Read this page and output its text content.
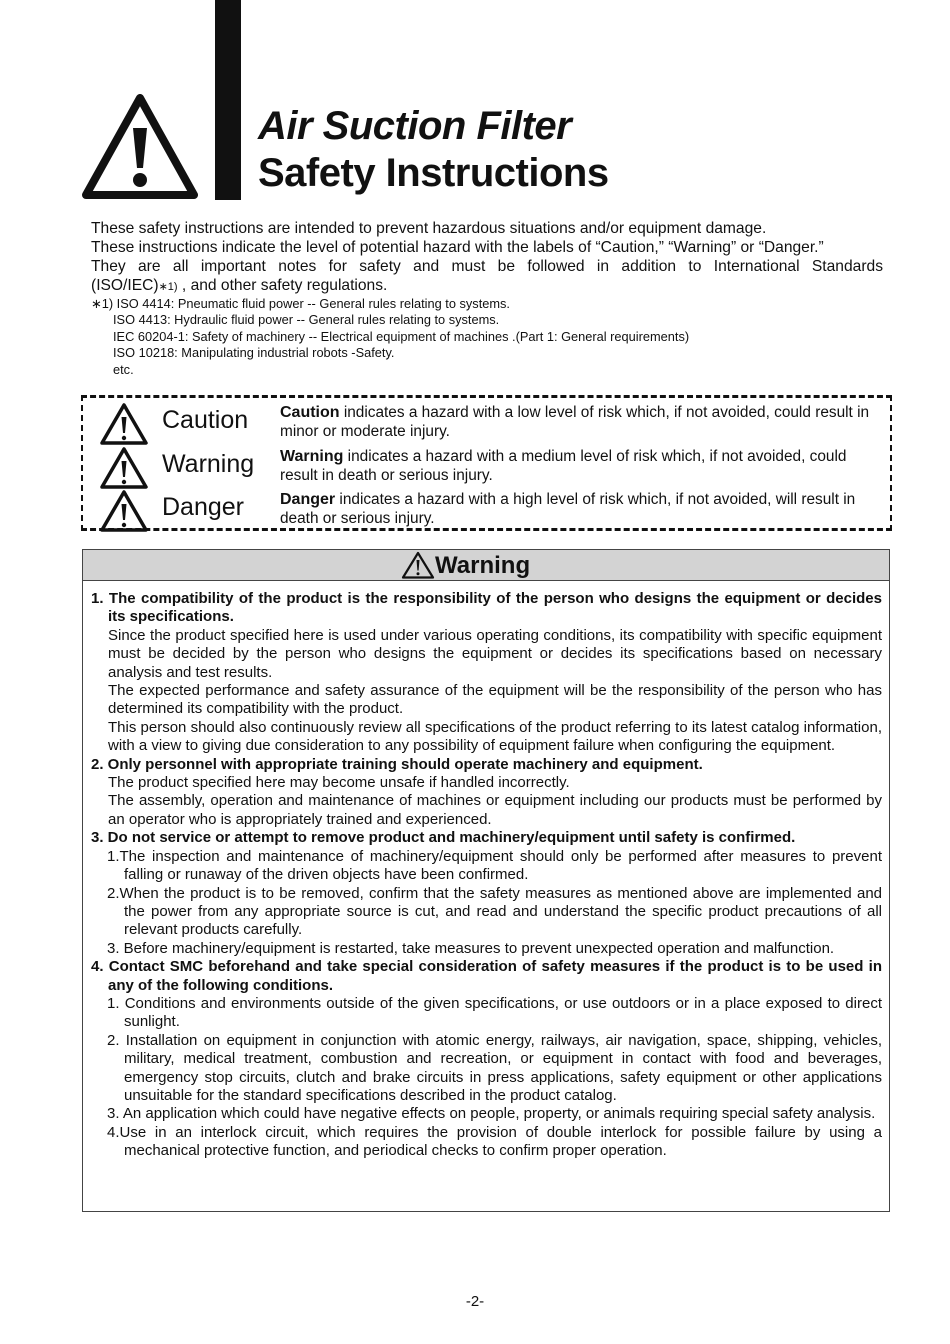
Air Suction Filter
Safety Instructions

These safety instructions are intended to prevent hazardous situations and/or equipment damage.

These instructions indicate the level of potential hazard with the labels of “Caution,” “Warning” or “Danger.”

They are all important notes for safety and must be followed in addition to International Standards

(ISO/IEC)∗1) , and other safety regulations.

∗1) ISO 4414: Pneumatic fluid power -- General rules relating to systems.
ISO 4413: Hydraulic fluid power -- General rules relating to systems.
IEC 60204-1: Safety of machinery -- Electrical equipment of machines .(Part 1: General requirements)
ISO 10218: Manipulating industrial robots -Safety.
etc.
Caution Caution indicates a hazard with a low level of risk which, if not avoided, could result in minor or moderate injury.
Warning Warning indicates a hazard with a medium level of risk which, if not avoided, could result in death or serious injury.
Danger Danger indicates a hazard with a high level of risk which, if not avoided, will result in death or serious injury.
Warning
1. The compatibility of the product is the responsibility of the person who designs the equipment or decides its specifications.

Since the product specified here is used under various operating conditions, its compatibility with specific equipment must be decided by the person who designs the equipment or decides its specifications based on necessary analysis and test results.

The expected performance and safety assurance of the equipment will be the responsibility of the person who has determined its compatibility with the product.

This person should also continuously review all specifications of the product referring to its latest catalog information, with a view to giving due consideration to any possibility of equipment failure when configuring the equipment.

2. Only personnel with appropriate training should operate machinery and equipment.

The product specified here may become unsafe if handled incorrectly.

The assembly, operation and maintenance of machines or equipment including our products must be performed by an operator who is appropriately trained and experienced.

3. Do not service or attempt to remove product and machinery/equipment until safety is confirmed.

1.The inspection and maintenance of machinery/equipment should only be performed after measures to prevent falling or runaway of the driven objects have been confirmed.

2.When the product is to be removed, confirm that the safety measures as mentioned above are implemented and the power from any appropriate source is cut, and read and understand the specific product precautions of all relevant products carefully.

3. Before machinery/equipment is restarted, take measures to prevent unexpected operation and malfunction.

4. Contact SMC beforehand and take special consideration of safety measures if the product is to be used in any of the following conditions.

1. Conditions and environments outside of the given specifications, or use outdoors or in a place exposed to direct sunlight.

2. Installation on equipment in conjunction with atomic energy, railways, air navigation, space, shipping, vehicles, military, medical treatment, combustion and recreation, or equipment in contact with food and beverages, emergency stop circuits, clutch and brake circuits in press applications, safety equipment or other applications unsuitable for the standard specifications described in the product catalog.

3. An application which could have negative effects on people, property, or animals requiring special safety analysis.

4.Use in an interlock circuit, which requires the provision of double interlock for possible failure by using a mechanical protective function, and periodical checks to confirm proper operation.

-2-
